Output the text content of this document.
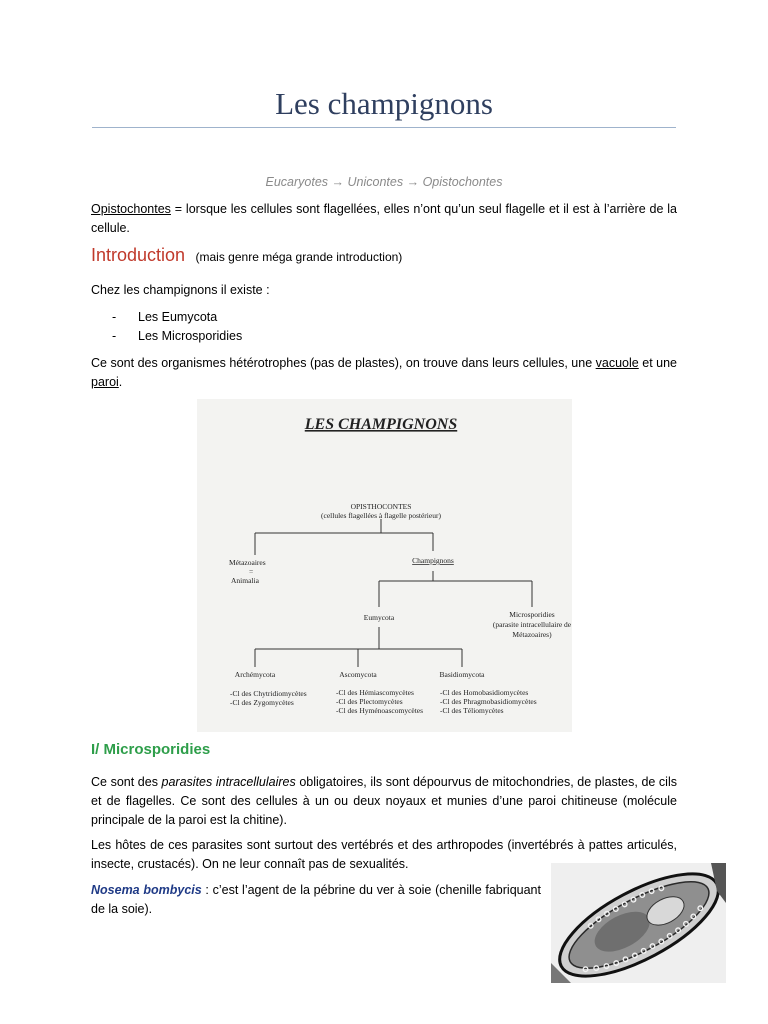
Les champignons
Eucaryotes → Unicontes → Opistochontes
Opistochontes = lorsque les cellules sont flagellées, elles n’ont qu’un seul flagelle et il est à l’arrière de la cellule.
Introduction (mais genre méga grande introduction)
Chez les champignons il existe :
-	Les Eumycota
-	Les Microsporidies
Ce sont des organismes hétérotrophes (pas de plastes), on trouve dans leurs cellules, une vacuole et une paroi.
LES CHAMPIGNONS
OPISTHOCONTES
(cellules flagellées à flagelle postérieur)
Champignons
Eumycota	Microsporidies
(parasite intracellulaire de
Métazoaires)
Archémycota	Ascomycota	Basidiomycota
Métazoaires
=
Animalia
-Cl des Chytridiomycètes
-Cl des Zygomycètes
-Cl des Hémiascomycètes
-Cl des Plectomycètes
-Cl des Hyménoascomycètes
-Cl des Homobasidiomycètes
-Cl des Phragmobasidiomycètes
-Cl des Téliomycètes
I/ Microsporidies
Ce sont des parasites intracellulaires obligatoires, ils sont dépourvus de mitochondries, de plastes, de cils et de flagelles. Ce sont des cellules à un ou deux noyaux et munies d’une paroi chitineuse (molécule principale de la paroi est la chitine).
Les hôtes de ces parasites sont surtout des vertébrés et des arthropodes (invertébrés à pattes articulés, insecte, crustacés). On ne leur connaît pas de sexualités.
Nosema bombycis : c’est l’agent de la pébrine du ver à soie (chenille fabriquant de la soie).
